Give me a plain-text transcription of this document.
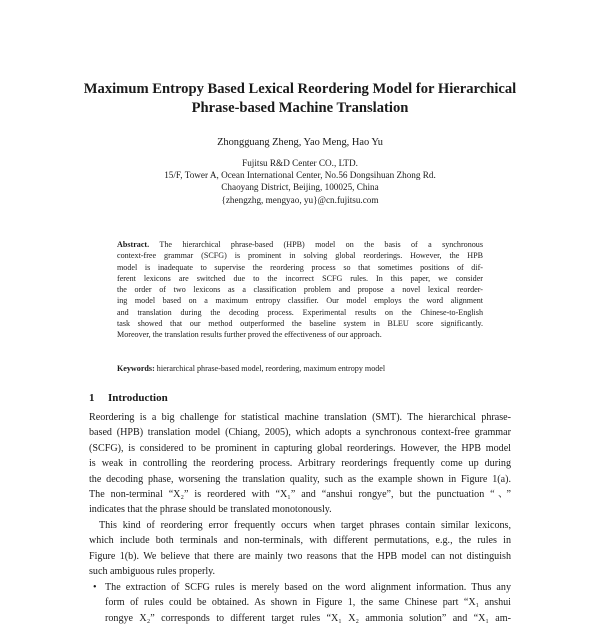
Maximum Entropy Based Lexical Reordering Model for Hierarchical
Phrase-based Machine Translation
Zhongguang Zheng, Yao Meng, Hao Yu
Fujitsu R&D Center CO., LTD.
15/F, Tower A, Ocean International Center, No.56 Dongsihuan Zhong Rd.
Chaoyang District, Beijing, 100025, China
{zhengzhg, mengyao, yu}@cn.fujitsu.com
Abstract. The hierarchical phrase-based (HPB) model on the basis of a synchronous
context-free grammar (SCFG) is prominent in solving global reorderings. However, the HPB
model is inadequate to supervise the reordering process so that sometimes positions of dif-
ferent lexicons are switched due to the incorrect SCFG rules. In this paper, we consider
the order of two lexicons as a classification problem and propose a novel lexical reorder-
ing model based on a maximum entropy classifier. Our model employs the word alignment
and translation during the decoding process. Experimental results on the Chinese-to-English
task showed that our method outperformed the baseline system in BLEU score significantly.
Moreover, the translation results further proved the effectiveness of our approach.
Keywords: hierarchical phrase-based model, reordering, maximum entropy model
1 Introduction
Reordering is a big challenge for statistical machine translation (SMT). The hierarchical phrase-
based (HPB) translation model (Chiang, 2005), which adopts a synchronous context-free grammar
(SCFG), is considered to be prominent in capturing global reorderings. However, the HPB model
is weak in controlling the reordering process. Arbitrary reorderings frequently come up during
the decoding phase, worsening the translation quality, such as the example shown in Figure 1(a).
The non-terminal “X₂” is reordered with “X₁” and “anshui rongye”, but the punctuation “、”
indicates that the phrase should be translated monotonously.
This kind of reordering error frequently occurs when target phrases contain similar lexicons,
which include both terminals and non-terminals, with different permutations, e.g., the rules in
Figure 1(b). We believe that there are mainly two reasons that the HPB model can not distinguish
such ambiguous rules properly.
• The extraction of SCFG rules is merely based on the word alignment information. Thus any
form of rules could be obtained. As shown in Figure 1, the same Chinese part “X₁ anshui
rongye X₂” corresponds to different target rules “X₁ X₂ ammonia solution” and “X₁ am-
